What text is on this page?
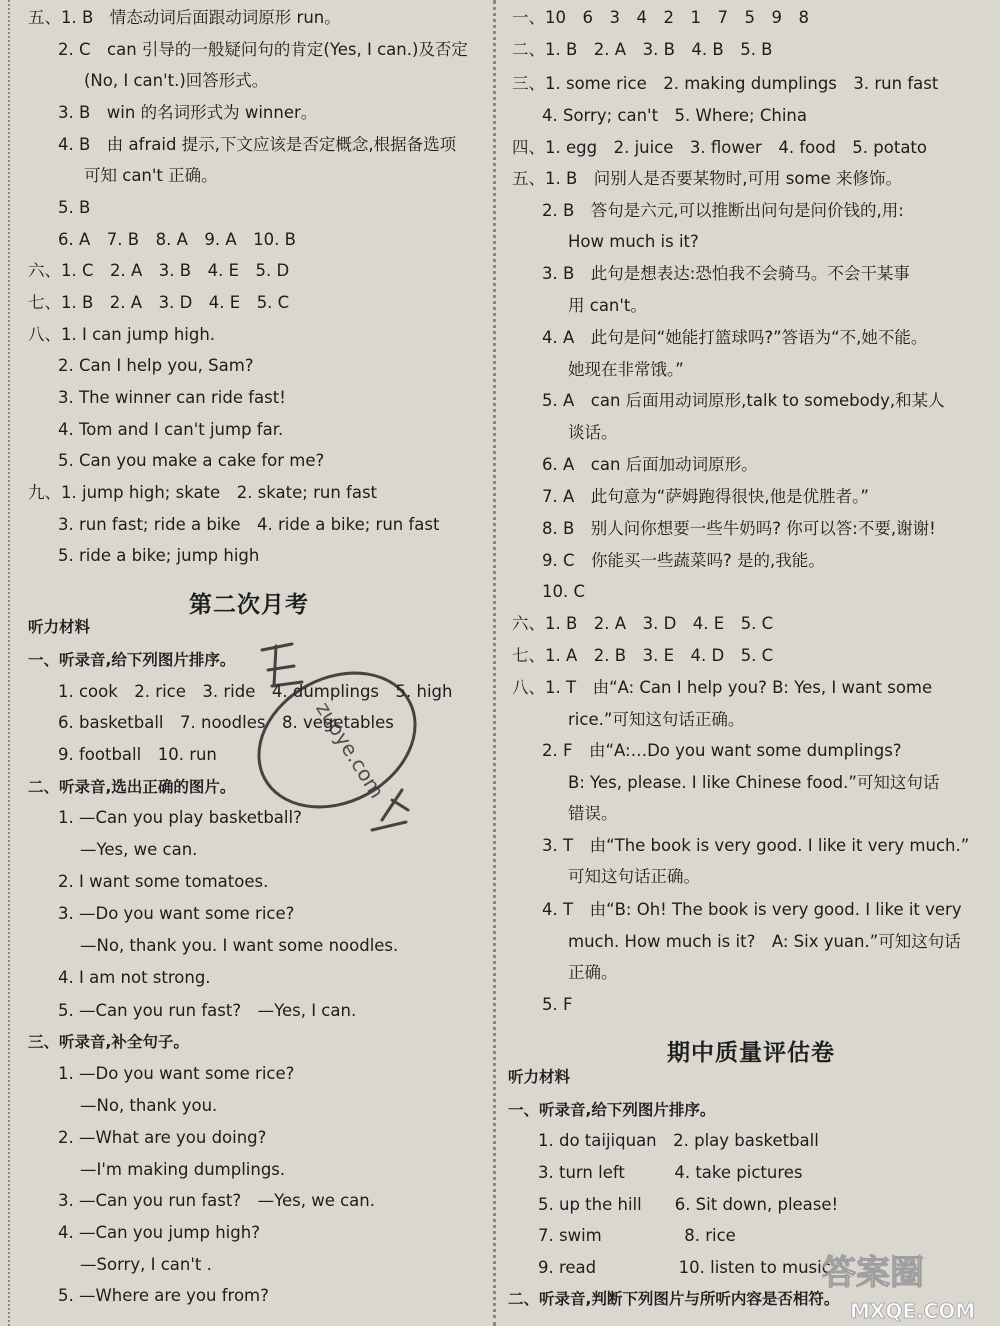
第二次月考
五、1. B　情态动词后面跟动词原形 run。
2. C　can 引导的一般疑问句的肯定(Yes, I can.)及否定
(No, I can't.)回答形式。
3. B　win 的名词形式为 winner。
4. B　由 afraid 提示,下文应该是否定概念,根据备选项
可知 can't 正确。
5. B
6. A　7. B　8. A　9. A　10. B
六、1. C　2. A　3. B　4. E　5. D
七、1. B　2. A　3. D　4. E　5. C
八、1. I can jump high.
2. Can I help you, Sam?
3. The winner can ride fast!
4. Tom and I can't jump far.
5. Can you make a cake for me?
九、1. jump high; skate　2. skate; run fast
3. run fast; ride a bike　4. ride a bike; run fast
5. ride a bike; jump high
听力材料
一、听录音,给下列图片排序。
1. cook　2. rice　3. ride　4. dumplings　5. high
6. basketball　7. noodles　8. vegetables
9. football　10. run
二、听录音,选出正确的图片。
1. —Can you play basketball?
—Yes, we can.
2. I want some tomatoes.
3. —Do you want some rice?
—No, thank you. I want some noodles.
4. I am not strong.
5. —Can you run fast?　—Yes, I can.
三、听录音,补全句子。
1. —Do you want some rice?
—No, thank you.
2. —What are you doing?
—I'm making dumplings.
3. —Can you run fast?　—Yes, we can.
4. —Can you jump high?
—Sorry, I can't .
5. —Where are you from?
期中质量评估卷
一、10　6　3　4　2　1　7　5　9　8
二、1. B　2. A　3. B　4. B　5. B
三、1. some rice　2. making dumplings　3. run fast
4. Sorry; can't　5. Where; China
四、1. egg　2. juice　3. flower　4. food　5. potato
五、1. B　问别人是否要某物时,可用 some 来修饰。
2. B　答句是六元,可以推断出问句是问价钱的,用:
How much is it?
3. B　此句是想表达:恐怕我不会骑马。不会干某事
用 can't。
4. A　此句是问“她能打篮球吗?”答语为“不,她不能。
她现在非常饿。”
5. A　can 后面用动词原形,talk to somebody,和某人
谈话。
6. A　can 后面加动词原形。
7. A　此句意为“萨姆跑得很快,他是优胜者。”
8. B　别人问你想要一些牛奶吗? 你可以答:不要,谢谢!
9. C　你能买一些蔬菜吗? 是的,我能。
10. C
六、1. B　2. A　3. D　4. E　5. C
七、1. A　2. B　3. E　4. D　5. C
八、1. T　由“A: Can I help you? B: Yes, I want some
rice.”可知这句话正确。
2. F　由“A:…Do you want some dumplings?
B: Yes, please. I like Chinese food.”可知这句话
错误。
3. T　由“The book is very good. I like it very much.”
可知这句话正确。
4. T　由“B: Oh! The book is very good. I like it very
much. How much is it?　A: Six yuan.”可知这句话
正确。
5. F
听力材料
一、听录音,给下列图片排序。
1. do taijiquan　2. play basketball
3. turn left　　　4. take pictures
5. up the hill　　6. Sit down, please!
7. swim　　　　　8. rice
9. read　　　　　10. listen to music
二、听录音,判断下列图片与所听内容是否相符。
zuoye.com
答案圈
MXQE.COM
